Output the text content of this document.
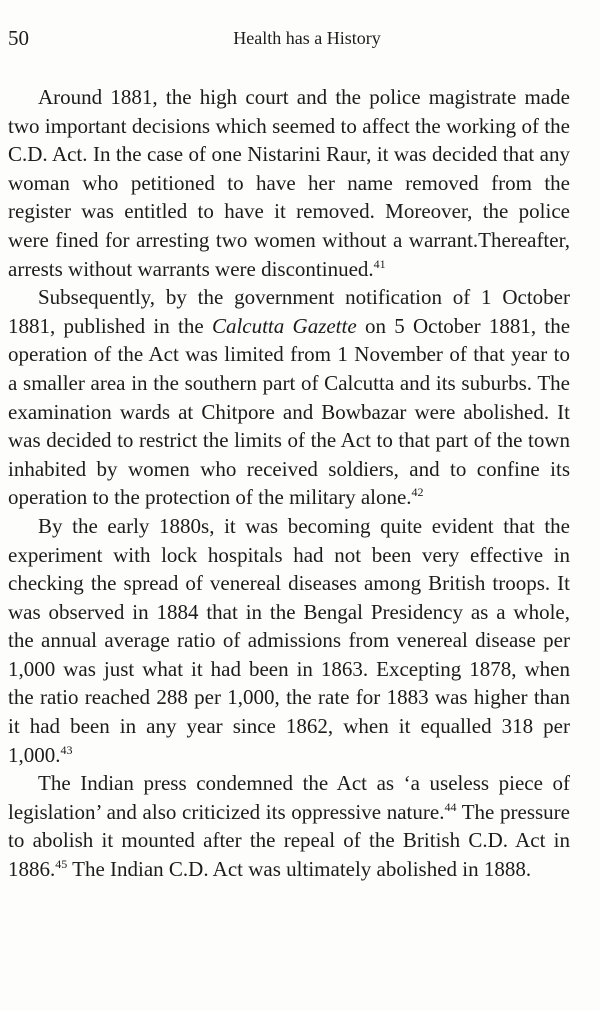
50	Health has a History

Around 1881, the high court and the police magistrate made two important decisions which seemed to affect the working of the C.D. Act. In the case of one Nistarini Raur, it was decided that any woman who petitioned to have her name removed from the register was entitled to have it removed. Moreover, the police were fined for arresting two women without a warrant.Thereafter, arrests without warrants were discontinued.$^{41}$

Subsequently, by the government notification of 1 October 1881, published in the Calcutta Gazette on 5 October 1881, the operation of the Act was limited from 1 November of that year to a smaller area in the southern part of Calcutta and its suburbs. The examination wards at Chitpore and Bowbazar were abolished. It was decided to restrict the limits of the Act to that part of the town inhabited by women who received soldiers, and to confine its operation to the protection of the military alone.$^{42}$

By the early 1880s, it was becoming quite evident that the experiment with lock hospitals had not been very effective in checking the spread of venereal diseases among British troops. It was observed in 1884 that in the Bengal Presidency as a whole, the annual average ratio of admissions from venereal disease per 1,000 was just what it had been in 1863. Excepting 1878, when the ratio reached 288 per 1,000, the rate for 1883 was higher than it had been in any year since 1862, when it equalled 318 per 1,000.43

The Indian press condemned the Act as ‘a useless piece of legislation’ and also criticized its oppressive nature.$^{44}$ The pressure to abolish it mounted after the repeal of the British C.D. Act in 1886.45 The Indian C.D. Act was ultimately abolished in 1888.
